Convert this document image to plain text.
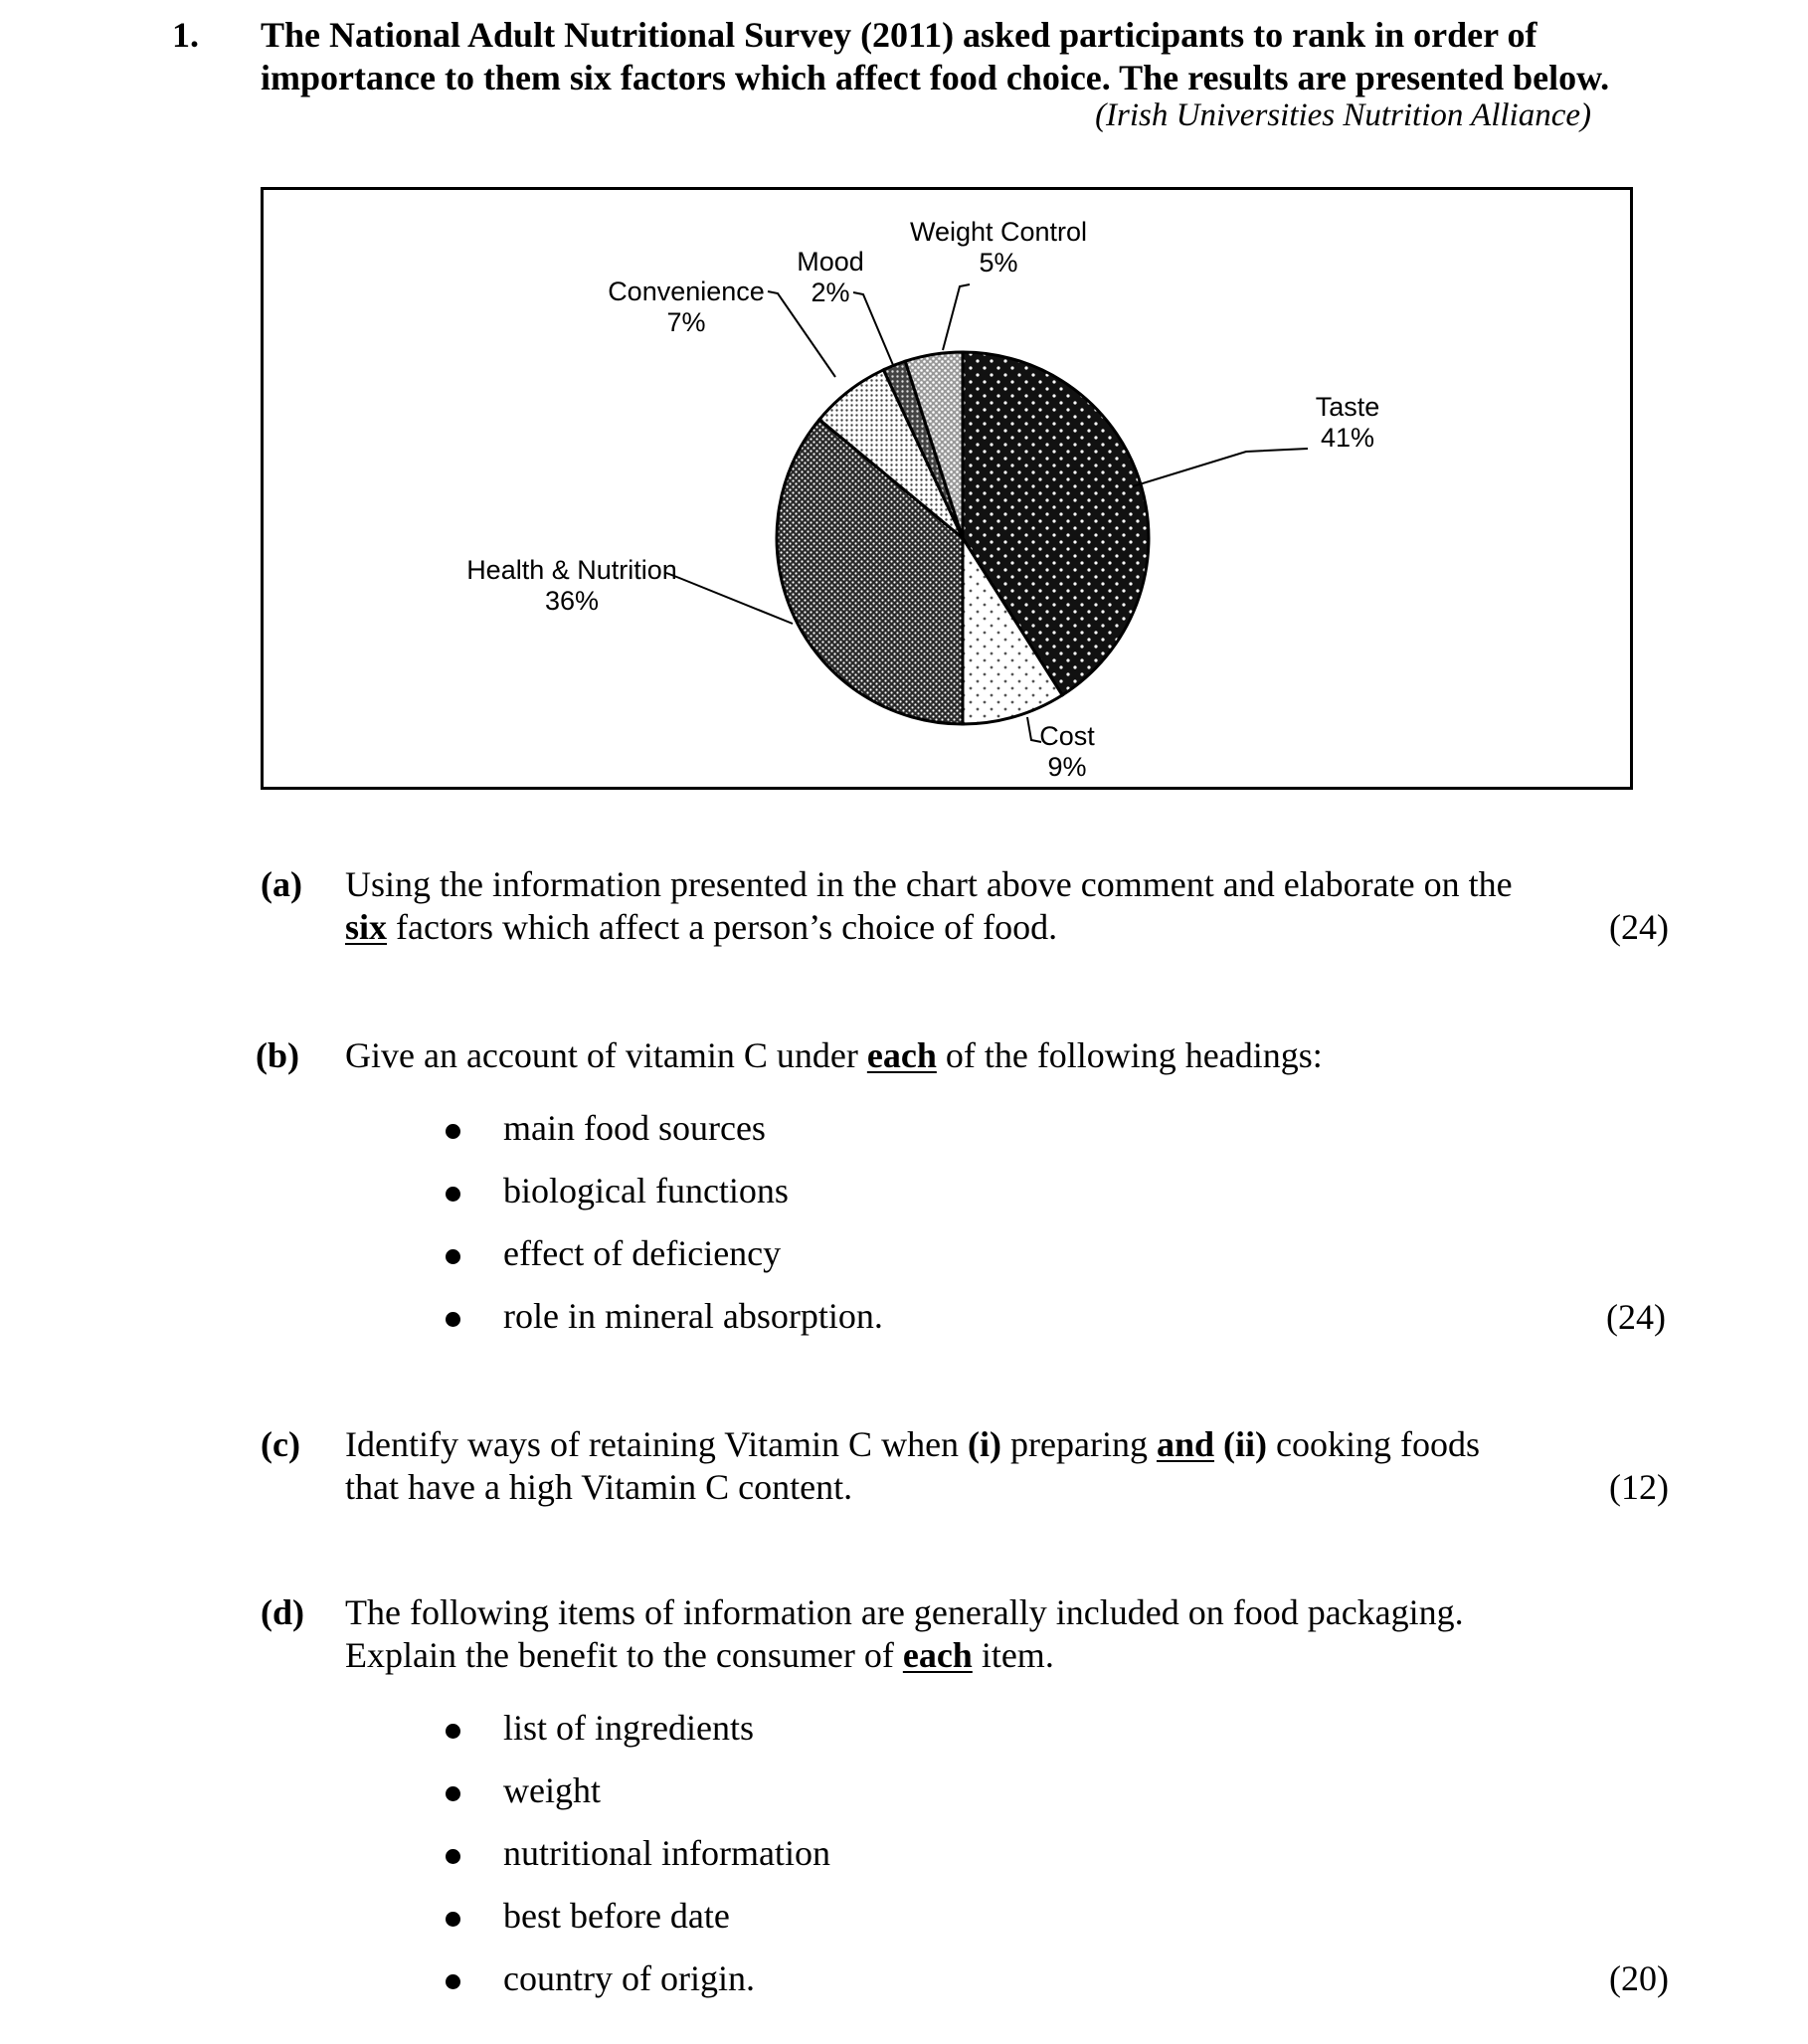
1. The National Adult Nutritional Survey (2011) asked participants to rank in order of
importance to them six factors which affect food choice. The results are presented below.
(Irish Universities Nutrition Alliance)
Taste
41%
Cost
9%
Health & Nutrition
36%
Convenience
7%
Mood
2%
Weight Control
5%
(a) Using the information presented in the chart above comment and elaborate on the
six factors which affect a person’s choice of food.	(24)
(b) Give an account of vitamin C under each of the following headings:
main food sources
biological functions
effect of deficiency
role in mineral absorption.	(24)
(c) Identify ways of retaining Vitamin C when (i) preparing and (ii) cooking foods
that have a high Vitamin C content.	(12)
(d) The following items of information are generally included on food packaging.
Explain the benefit to the consumer of each item.
list of ingredients
weight
nutritional information
best before date
country of origin.	(20)
